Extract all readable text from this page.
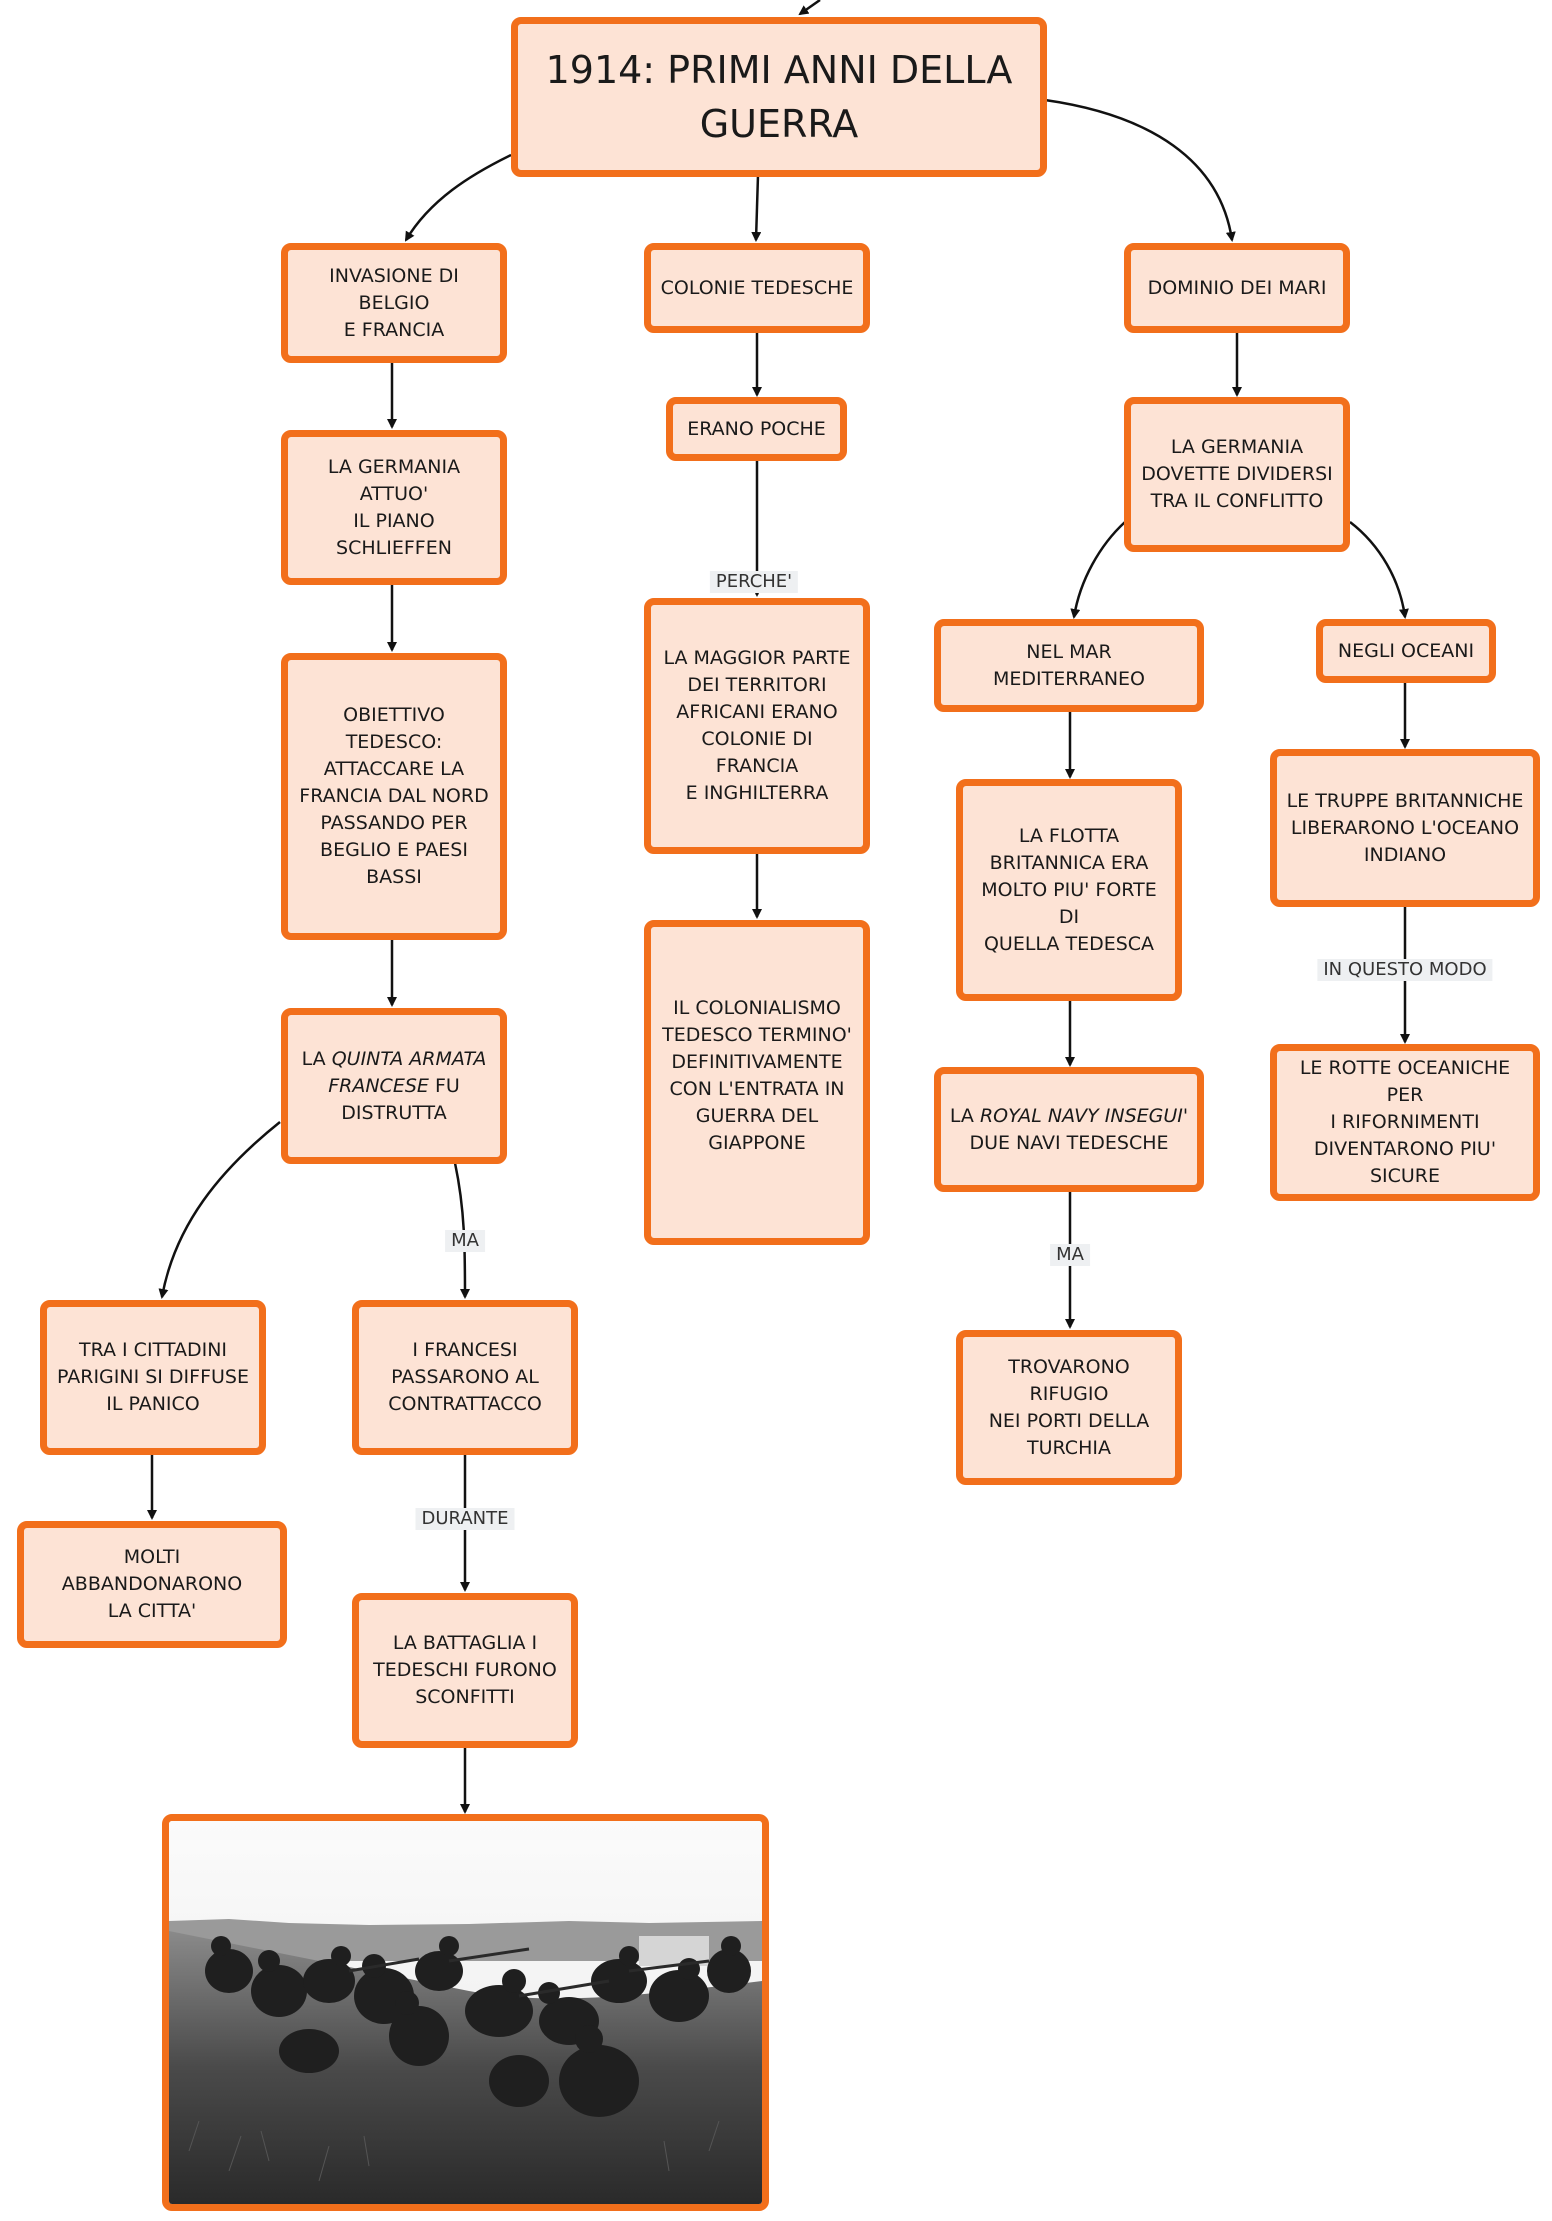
1914: PRIMI ANNI DELLA
GUERRA
INVASIONE DI BELGIO
E FRANCIA
LA GERMANIA ATTUO'
IL PIANO SCHLIEFFEN
OBIETTIVO TEDESCO:
ATTACCARE LA
FRANCIA DAL NORD
PASSANDO PER
BEGLIO E PAESI
BASSI
LA QUINTA ARMATA
FRANCESE FU
DISTRUTTA
TRA I CITTADINI
PARIGINI SI DIFFUSE
IL PANICO
MOLTI ABBANDONARONO
LA CITTA'
I FRANCESI
PASSARONO AL
CONTRATTACCO
LA BATTAGLIA I
TEDESCHI FURONO
SCONFITTI
MA
DURANTE
COLONIE TEDESCHE
ERANO POCHE
PERCHE'
LA MAGGIOR PARTE
DEI TERRITORI
AFRICANI ERANO
COLONIE DI FRANCIA
E INGHILTERRA
IL COLONIALISMO
TEDESCO TERMINO'
DEFINITIVAMENTE
CON L'ENTRATA IN
GUERRA DEL
GIAPPONE
DOMINIO DEI MARI
LA GERMANIA
DOVETTE DIVIDERSI
TRA IL CONFLITTO
NEL MAR MEDITERRANEO
LA FLOTTA
BRITANNICA ERA
MOLTO PIU' FORTE DI
QUELLA TEDESCA
LA ROYAL NAVY INSEGUI'
DUE NAVI TEDESCHE
MA
TROVARONO RIFUGIO
NEI PORTI DELLA
TURCHIA
NEGLI OCEANI
LE TRUPPE BRITANNICHE
LIBERARONO L'OCEANO
INDIANO
IN QUESTO MODO
LE ROTTE OCEANICHE PER
I RIFORNIMENTI
DIVENTARONO PIU' SICURE
